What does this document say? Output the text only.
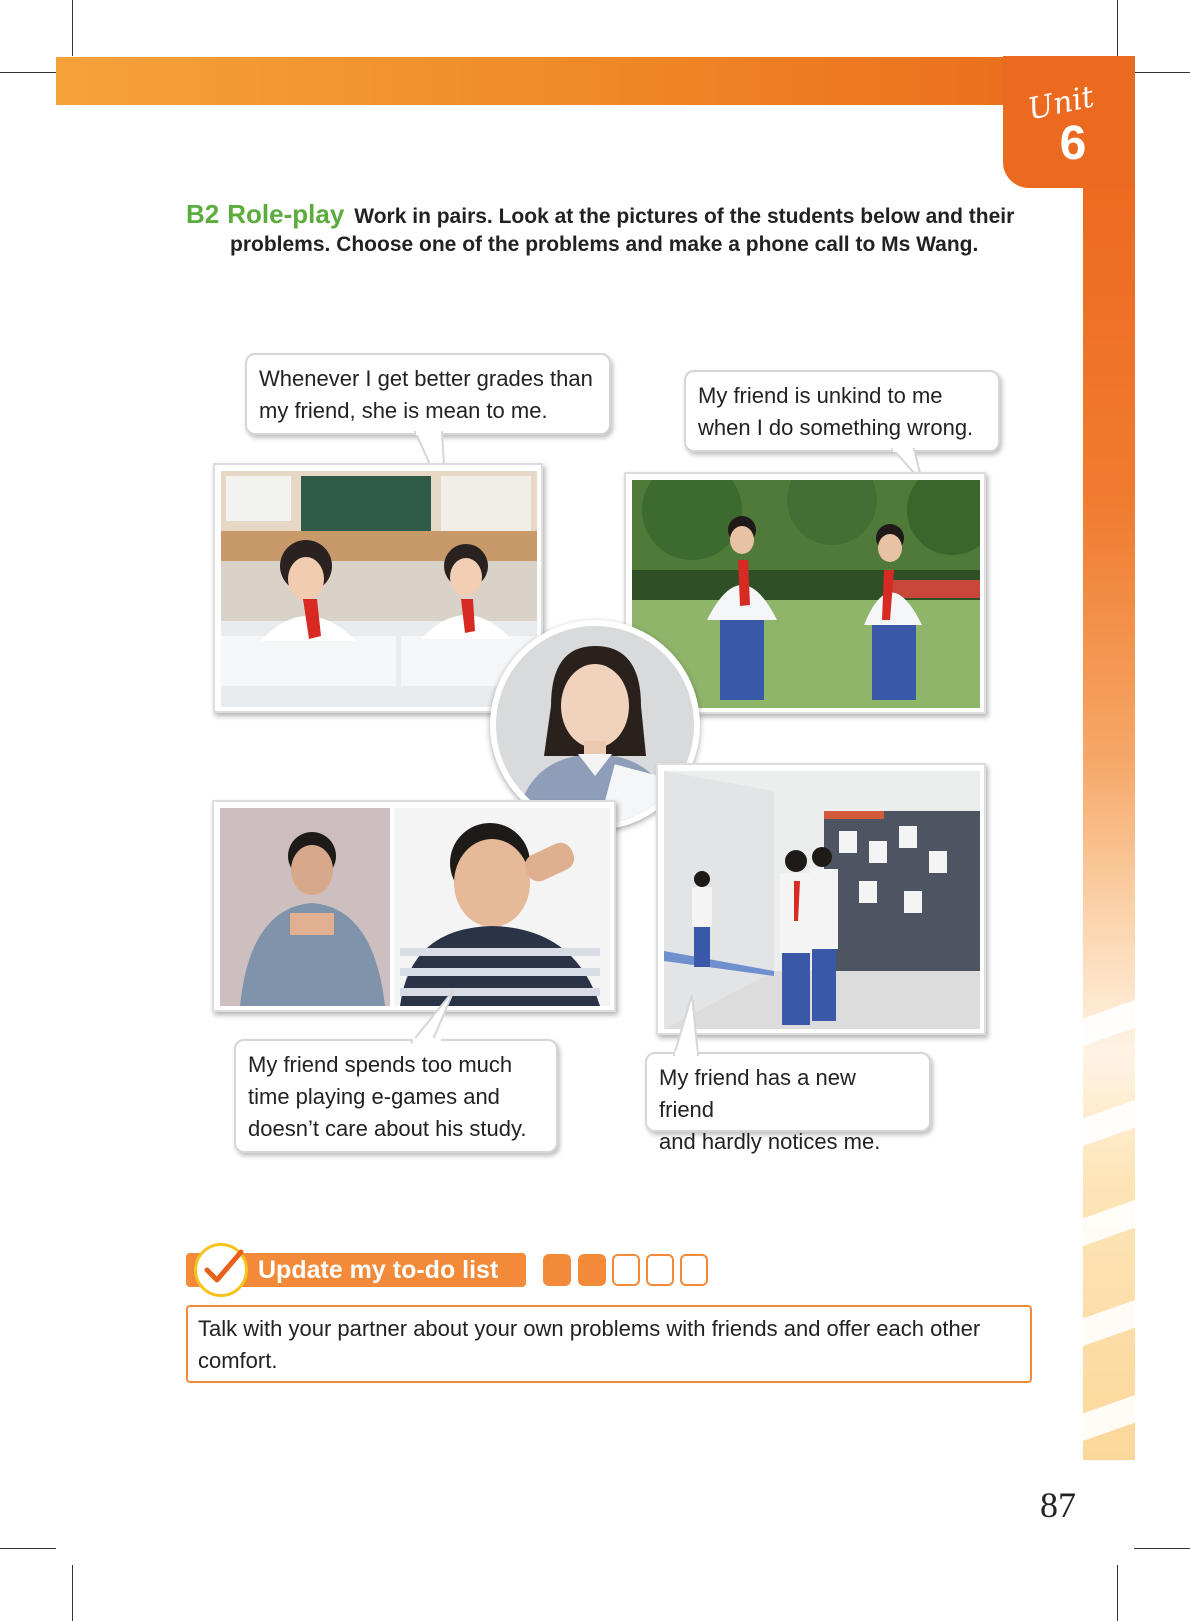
Unit
6
B2 Role-play Work in pairs. Look at the pictures of the students below and their
problems. Choose one of the problems and make a phone call to Ms Wang.
Whenever I get better grades than
my friend, she is mean to me.
My friend is unkind to me
when I do something wrong.
My friend spends too much
time playing e-games and
doesn’t care about his study.
My friend has a new friend
and hardly notices me.
Update my to-do list
Talk with your partner about your own problems with friends and offer each other
comfort.
87
